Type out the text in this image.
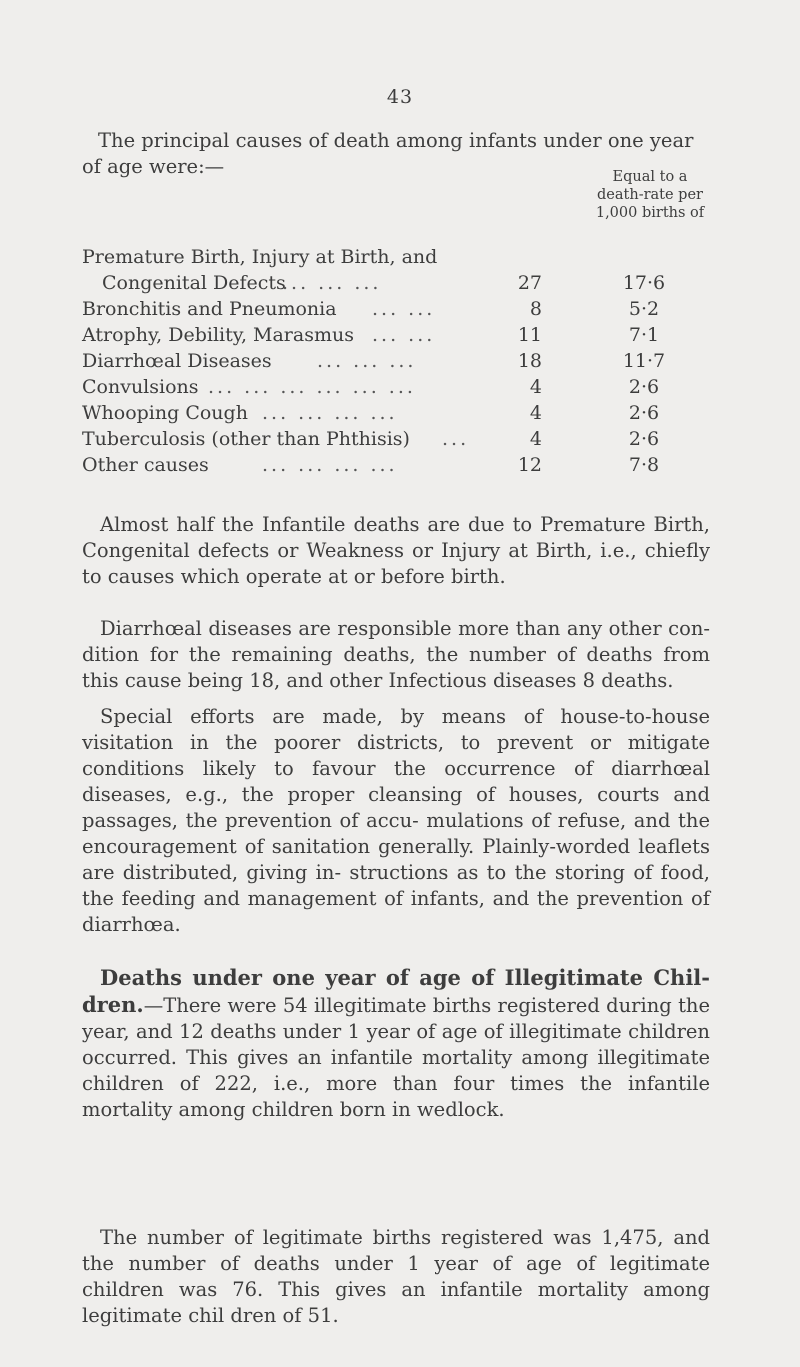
43

The principal causes of death among infants under one year of age were:—	Equal to a
death-rate per
1,000 births of
Premature Birth, Injury at Birth, and
Congenital Defects
... ... ...	27	17·6
Bronchitis and Pneumonia ... ...	8	5·2
Atrophy, Debility, Marasmus ... ...	11	7·1
Diarrhœal Diseases ... ... ...	18	11·7
Convulsions ... ... ... ... ... ...	4	2·6
Whooping Cough ... ... ... ...	4	2·6
Tuberculosis (other than Phthisis) ...	4	2·6
Other causes	... ... ... ...	12	7·8

Almost half the Infantile deaths are due to Premature Birth, Congenital defects or Weakness or Injury at Birth, i.e., chiefly to causes which operate at or before birth.

Diarrhœal diseases are responsible more than any other con- dition for the remaining deaths, the number of deaths from this cause being 18, and other Infectious diseases 8 deaths.

Special efforts are made, by means of house-to-house visitation in the poorer districts, to prevent or mitigate conditions likely to favour the occurrence of diarrhœal diseases, e.g., the proper cleansing of houses, courts and passages, the prevention of accu- mulations of refuse, and the encouragement of sanitation generally. Plainly-worded leaflets are distributed, giving in- structions as to the storing of food, the feeding and management of infants, and the prevention of diarrhœa.

Deaths under one year of age of Illegitimate Chil- dren.—There were 54 illegitimate births registered during the year, and 12 deaths under 1 year of age of illegitimate children occurred. This gives an infantile mortality among illegitimate children of 222, i.e., more than four times the infantile mortality among children born in wedlock.

The number of legitimate births registered was 1,475, and the number of deaths under 1 year of age of legitimate children was 76. This gives an infantile mortality among legitimate chil dren of 51.
